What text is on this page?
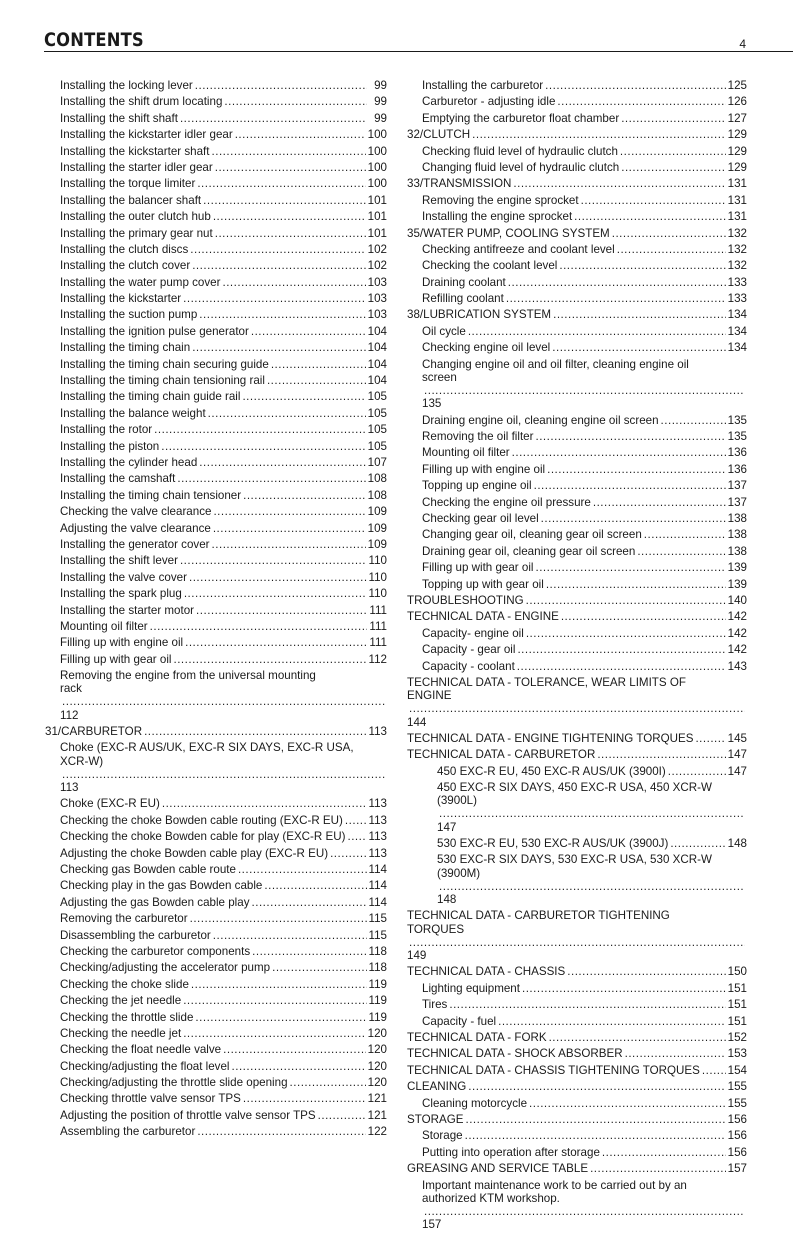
CONTENTS	4
Installing the locking lever .....	99
Installing the shift drum locating .....	99
Installing the shift shaft .....	99
Installing the kickstarter idler gear .....	100
Installing the kickstarter shaft .....	100
Installing the starter idler gear .....	100
Installing the torque limiter .....	100
Installing the balancer shaft .....	101
Installing the outer clutch hub .....	101
Installing the primary gear nut .....	101
Installing the clutch discs .....	102
Installing the clutch cover .....	102
Installing the water pump cover .....	103
Installing the kickstarter .....	103
Installing the suction pump .....	103
Installing the ignition pulse generator .....	104
Installing the timing chain .....	104
Installing the timing chain securing guide .....	104
Installing the timing chain tensioning rail .....	104
Installing the timing chain guide rail .....	105
Installing the balance weight .....	105
Installing the rotor .....	105
Installing the piston .....	105
Installing the cylinder head .....	107
Installing the camshaft .....	108
Installing the timing chain tensioner .....	108
Checking the valve clearance .....	109
Adjusting the valve clearance .....	109
Installing the generator cover .....	109
Installing the shift lever .....	110
Installing the valve cover .....	110
Installing the spark plug .....	110
Installing the starter motor .....	111
Mounting oil filter .....	111
Filling up with engine oil .....	111
Filling up with gear oil .....	112
Removing the engine from the universal mounting
rack
.....
112
31/CARBURETOR .....	113
Choke (EXC-R AUS/UK, EXC-R SIX DAYS, EXC-R USA,
XCR-W)
.....
113
Choke (EXC-R EU) .....	113
Checking the choke Bowden cable routing (EXC-R EU) ..... 113
Checking the choke Bowden cable for play (EXC-R EU) ..... 113
Adjusting the choke Bowden cable play (EXC-R EU) .....	113
Checking gas Bowden cable route .....	114
Checking play in the gas Bowden cable .....	114
Adjusting the gas Bowden cable play .....	114
Removing the carburetor .....	115
Disassembling the carburetor .....	115
Checking the carburetor components .....	118
Checking/adjusting the accelerator pump .....	118
Checking the choke slide .....	119
Checking the jet needle .....	119
Checking the throttle slide .....	119
Checking the needle jet .....	120
Checking the float needle valve .....	120
Checking/adjusting the float level .....	120
Checking/adjusting the throttle slide opening .....	120
Checking throttle valve sensor TPS .....	121
Adjusting the position of throttle valve sensor TPS .....	121
Assembling the carburetor .....	122
Installing the carburetor .....	125
Carburetor - adjusting idle .....	126
Emptying the carburetor float chamber .....	127
32/CLUTCH .....	129
Checking fluid level of hydraulic clutch .....	129
Changing fluid level of hydraulic clutch .....	129
33/TRANSMISSION .....	131
Removing the engine sprocket .....	131
Installing the engine sprocket .....	131
35/WATER PUMP, COOLING SYSTEM .....	132
Checking antifreeze and coolant level .....	132
Checking the coolant level .....	132
Draining coolant .....	133
Refilling coolant .....	133
38/LUBRICATION SYSTEM .....	134
Oil cycle .....	134
Checking engine oil level .....	134
Changing engine oil and oil filter, cleaning engine oil
screen
.....
135
Draining engine oil, cleaning engine oil screen .....	135
Removing the oil filter .....	135
Mounting oil filter .....	136
Filling up with engine oil .....	136
Topping up engine oil .....	137
Checking the engine oil pressure .....	137
Checking gear oil level .....	138
Changing gear oil, cleaning gear oil screen .....	138
Draining gear oil, cleaning gear oil screen .....	138
Filling up with gear oil .....	139
Topping up with gear oil .....	139
TROUBLESHOOTING .....	140
TECHNICAL DATA - ENGINE .....	142
Capacity- engine oil .....	142
Capacity - gear oil .....	142
Capacity - coolant .....	143
TECHNICAL DATA - TOLERANCE, WEAR LIMITS OF
ENGINE
.....
144
TECHNICAL DATA - ENGINE TIGHTENING TORQUES .....	145
TECHNICAL DATA - CARBURETOR .....	147
450 EXC-R EU, 450 EXC-R AUS/UK (3900I) .....	147
450 EXC-R SIX DAYS, 450 EXC-R USA, 450 XCR-W
(3900L)
.....
147
530 EXC-R EU, 530 EXC-R AUS/UK (3900J) .....	148
530 EXC-R SIX DAYS, 530 EXC-R USA, 530 XCR-W
(3900M)
.....
148
TECHNICAL DATA - CARBURETOR TIGHTENING
TORQUES
.....
149
TECHNICAL DATA - CHASSIS .....	150
Lighting equipment .....	151
Tires .....	151
Capacity - fuel .....	151
TECHNICAL DATA - FORK .....	152
TECHNICAL DATA - SHOCK ABSORBER .....	153
TECHNICAL DATA - CHASSIS TIGHTENING TORQUES ..... 154
CLEANING .....	155
Cleaning motorcycle .....	155
STORAGE .....	156
Storage .....	156
Putting into operation after storage .....	156
GREASING AND SERVICE TABLE .....	157
Important maintenance work to be carried out by an
authorized KTM workshop.
.....
157
